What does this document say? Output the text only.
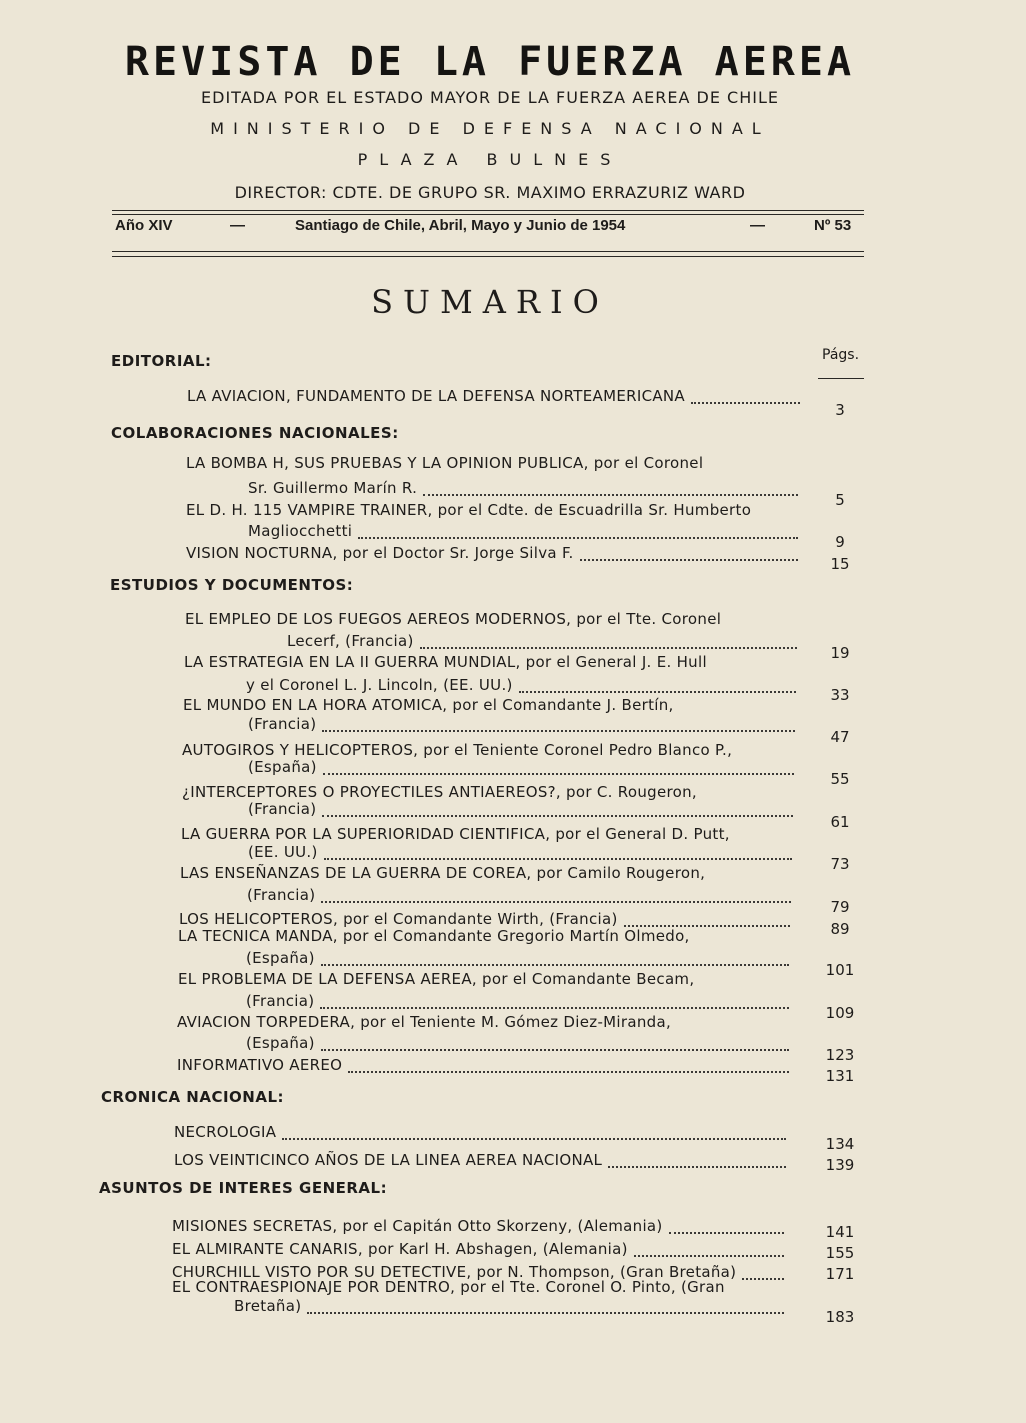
REVISTA DE LA FUERZA AEREA
EDITADA POR EL ESTADO MAYOR DE LA FUERZA AEREA DE CHILE
MINISTERIO DE DEFENSA NACIONAL
PLAZA BULNES
DIRECTOR: CDTE. DE GRUPO SR. MAXIMO ERRAZURIZ WARD
Año XIV	—	Santiago de Chile, Abril, Mayo y Junio de 1954	—	Nº 53
SUMARIO
Págs.
EDITORIAL:
LA AVIACION, FUNDAMENTO DE LA DEFENSA NORTEAMERICANA
3
COLABORACIONES NACIONALES:
LA BOMBA H, SUS PRUEBAS Y LA OPINION PUBLICA, por el Coronel
Sr. Guillermo Marín R.
5
EL D. H. 115 VAMPIRE TRAINER, por el Cdte. de Escuadrilla Sr. Humberto
Magliocchetti
9
VISION NOCTURNA, por el Doctor Sr. Jorge Silva F.
15
ESTUDIOS Y DOCUMENTOS:
EL EMPLEO DE LOS FUEGOS AEREOS MODERNOS, por el Tte. Coronel
Lecerf, (Francia)
19
LA ESTRATEGIA EN LA II GUERRA MUNDIAL, por el General J. E. Hull
y el Coronel L. J. Lincoln, (EE. UU.)
33
EL MUNDO EN LA HORA ATOMICA, por el Comandante J. Bertín,
(Francia)
47
AUTOGIROS Y HELICOPTEROS, por el Teniente Coronel Pedro Blanco P.,
(España)
55
¿INTERCEPTORES O PROYECTILES ANTIAEREOS?, por C. Rougeron,
(Francia)
61
LA GUERRA POR LA SUPERIORIDAD CIENTIFICA, por el General D. Putt,
(EE. UU.)
73
LAS ENSEÑANZAS DE LA GUERRA DE COREA, por Camilo Rougeron,
(Francia)
79
LOS HELICOPTEROS, por el Comandante Wirth, (Francia)
89
LA TECNICA MANDA, por el Comandante Gregorio Martín Olmedo,
(España)
101
EL PROBLEMA DE LA DEFENSA AEREA, por el Comandante Becam,
(Francia)
109
AVIACION TORPEDERA, por el Teniente M. Gómez Diez-Miranda,
(España)
123
INFORMATIVO AEREO
131
CRONICA NACIONAL:
NECROLOGIA
134
LOS VEINTICINCO AÑOS DE LA LINEA AEREA NACIONAL	139
ASUNTOS DE INTERES GENERAL:
MISIONES SECRETAS, por el Capitán Otto Skorzeny, (Alemania)	141
EL ALMIRANTE CANARIS, por Karl H. Abshagen, (Alemania)	155
CHURCHILL VISTO POR SU DETECTIVE, por N. Thompson, (Gran Bretaña)	171
EL CONTRAESPIONAJE POR DENTRO, por el Tte. Coronel O. Pinto, (Gran
Bretaña)
183
